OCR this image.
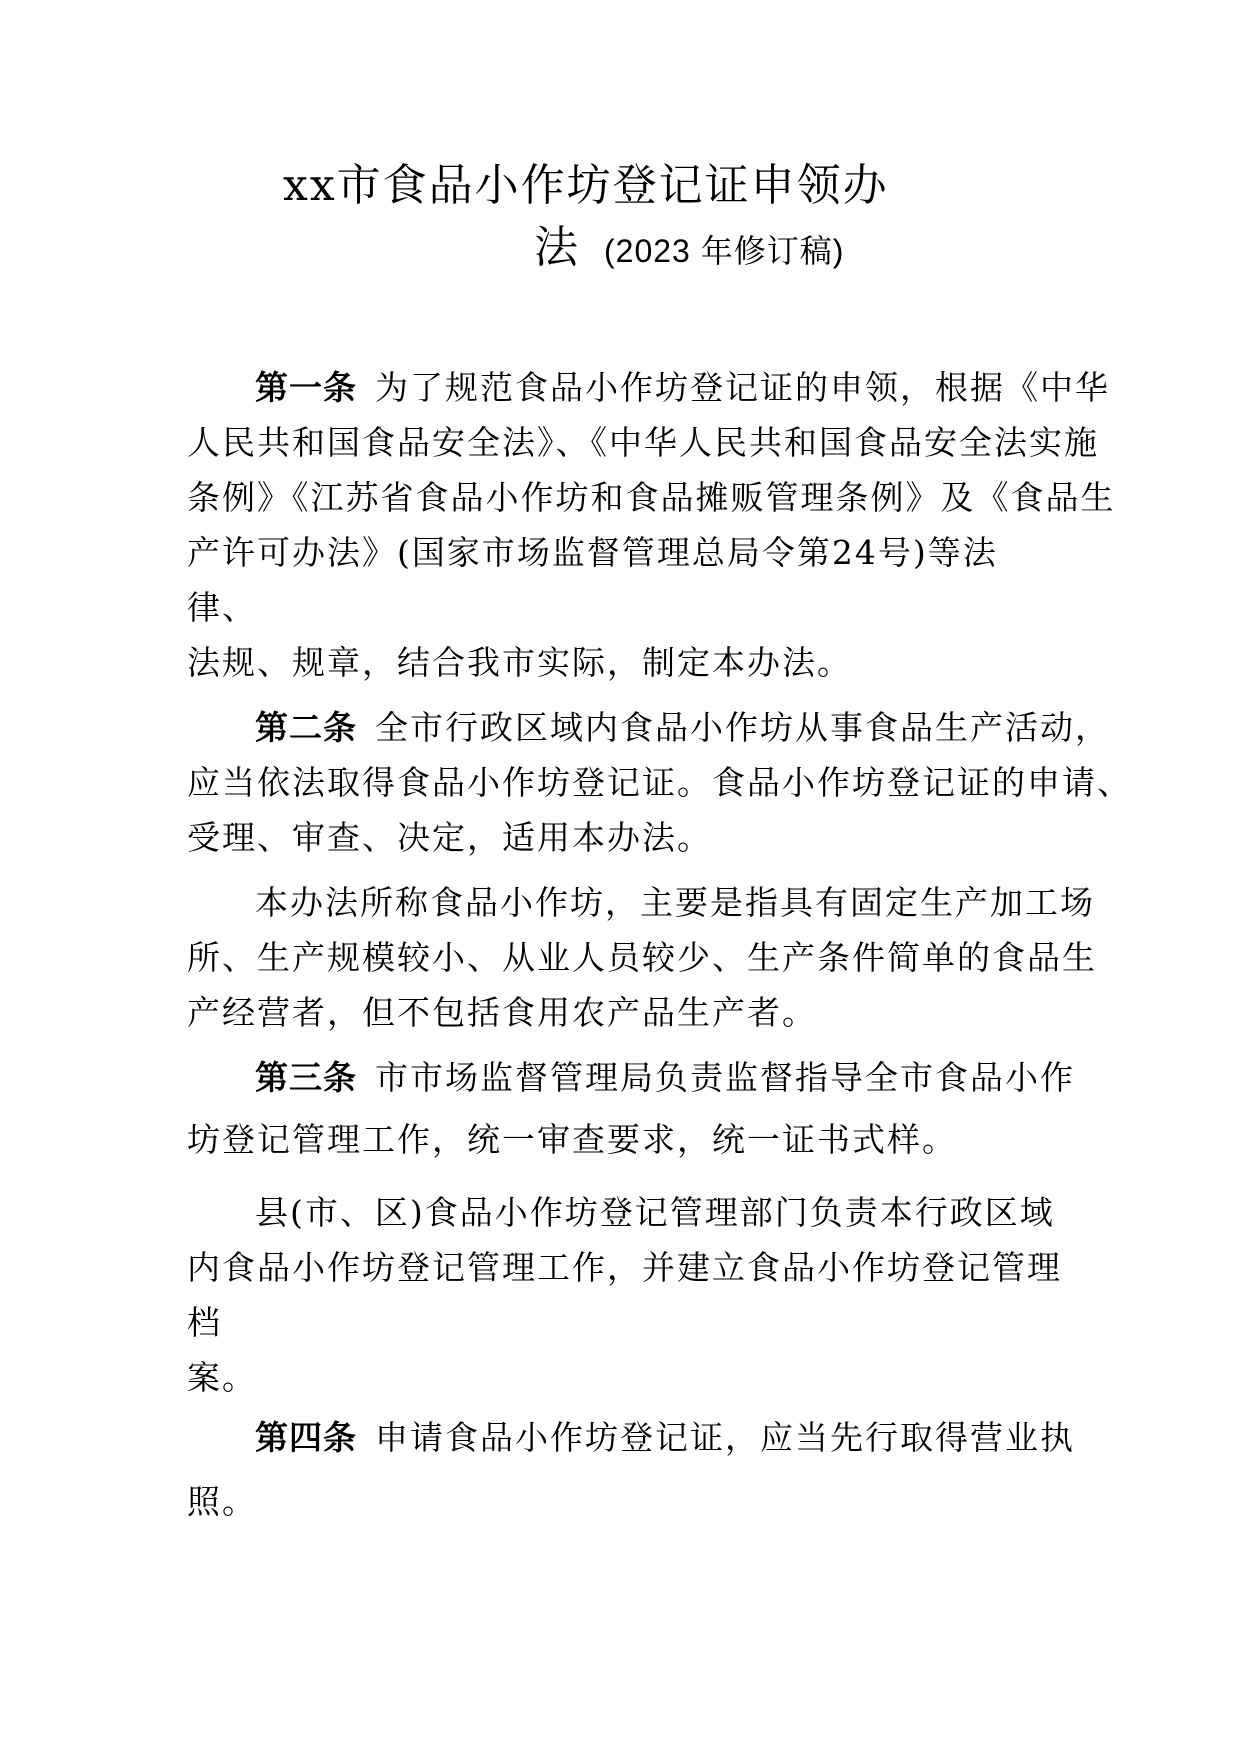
xx市食品小作坊登记证申领办
法 (2023 年修订稿)

第一条 为了规范食品小作坊登记证的申领，根据《中华

人民共和国食品安全法》、《中华人民共和国食品安全法实施

条例》《江苏省食品小作坊和食品摊贩管理条例》及《食品生

产许可办法》(国家市场监督管理总局令第24号)等法

律、

法规、规章，结合我市实际，制定本办法。

第二条 全市行政区域内食品小作坊从事食品生产活动，

应当依法取得食品小作坊登记证。食品小作坊登记证的申请、

受理、审查、决定，适用本办法。

本办法所称食品小作坊，主要是指具有固定生产加工场

所、生产规模较小、从业人员较少、生产条件简单的食品生

产经营者，但不包括食用农产品生产者。

第三条 市市场监督管理局负责监督指导全市食品小作

坊登记管理工作，统一审查要求，统一证书式样。

县(市、区)食品小作坊登记管理部门负责本行政区域

内食品小作坊登记管理工作，并建立食品小作坊登记管理

档

案。

第四条 申请食品小作坊登记证，应当先行取得营业执

照。
